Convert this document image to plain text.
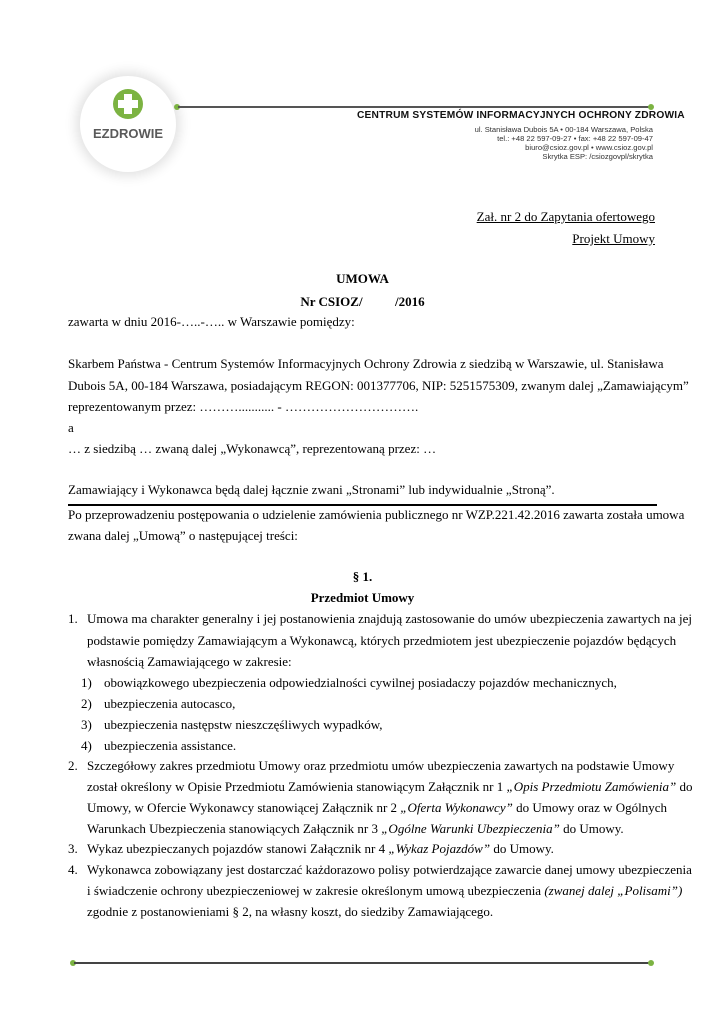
EZDROWIE
CENTRUM SYSTEMÓW INFORMACYJNYCH OCHRONY ZDROWIA
ul. Stanisława Dubois 5A • 00-184 Warszawa, Polska
tel.: +48 22 597-09-27 • fax: +48 22 597-09-47
biuro@csioz.gov.pl • www.csioz.gov.pl
Skrytka ESP: /csiozgovpl/skrytka
Zał. nr 2 do Zapytania ofertowego
Projekt Umowy
UMOWA
Nr CSIOZ/          /2016
zawarta w dniu 2016-…..-….. w Warszawie pomiędzy:
Skarbem Państwa - Centrum Systemów Informacyjnych Ochrony Zdrowia z siedzibą w Warszawie, ul. Stanisława
Dubois 5A, 00-184 Warszawa, posiadającym REGON: 001377706, NIP: 5251575309, zwanym dalej „Zamawiającym”
reprezentowanym przez: ………........... - ………………………….
a
… z siedzibą … zwaną dalej „Wykonawcą”, reprezentowaną przez: …
Zamawiający i Wykonawca będą dalej łącznie zwani „Stronami” lub indywidualnie „Stroną”.
Po przeprowadzeniu postępowania o udzielenie zamówienia publicznego nr WZP.221.42.2016 zawarta została umowa
zwana dalej „Umową” o następującej treści:
§ 1.
Przedmiot Umowy
1. Umowa ma charakter generalny i jej postanowienia znajdują zastosowanie do umów ubezpieczenia zawartych na jej
podstawie pomiędzy Zamawiającym a Wykonawcą, których przedmiotem jest ubezpieczenie pojazdów będących
własnością Zamawiającego w zakresie:
1) obowiązkowego ubezpieczenia odpowiedzialności cywilnej posiadaczy pojazdów mechanicznych,
2) ubezpieczenia autocasco,
3) ubezpieczenia następstw nieszczęśliwych wypadków,
4) ubezpieczenia assistance.
2. Szczegółowy zakres przedmiotu Umowy oraz przedmiotu umów ubezpieczenia zawartych na podstawie Umowy
został określony w Opisie Przedmiotu Zamówienia stanowiącym Załącznik nr 1 „Opis Przedmiotu Zamówienia” do
Umowy, w Ofercie Wykonawcy stanowiącej Załącznik nr 2 „Oferta Wykonawcy” do Umowy oraz w Ogólnych
Warunkach Ubezpieczenia stanowiących Załącznik nr 3 „Ogólne Warunki Ubezpieczenia” do Umowy.
3. Wykaz ubezpieczanych pojazdów stanowi Załącznik nr 4 „Wykaz Pojazdów” do Umowy.
4. Wykonawca zobowiązany jest dostarczać każdorazowo polisy potwierdzające zawarcie danej umowy ubezpieczenia
i świadczenie ochrony ubezpieczeniowej w zakresie określonym umową ubezpieczenia (zwanej dalej „Polisami”)
zgodnie z postanowieniami § 2, na własny koszt, do siedziby Zamawiającego.
